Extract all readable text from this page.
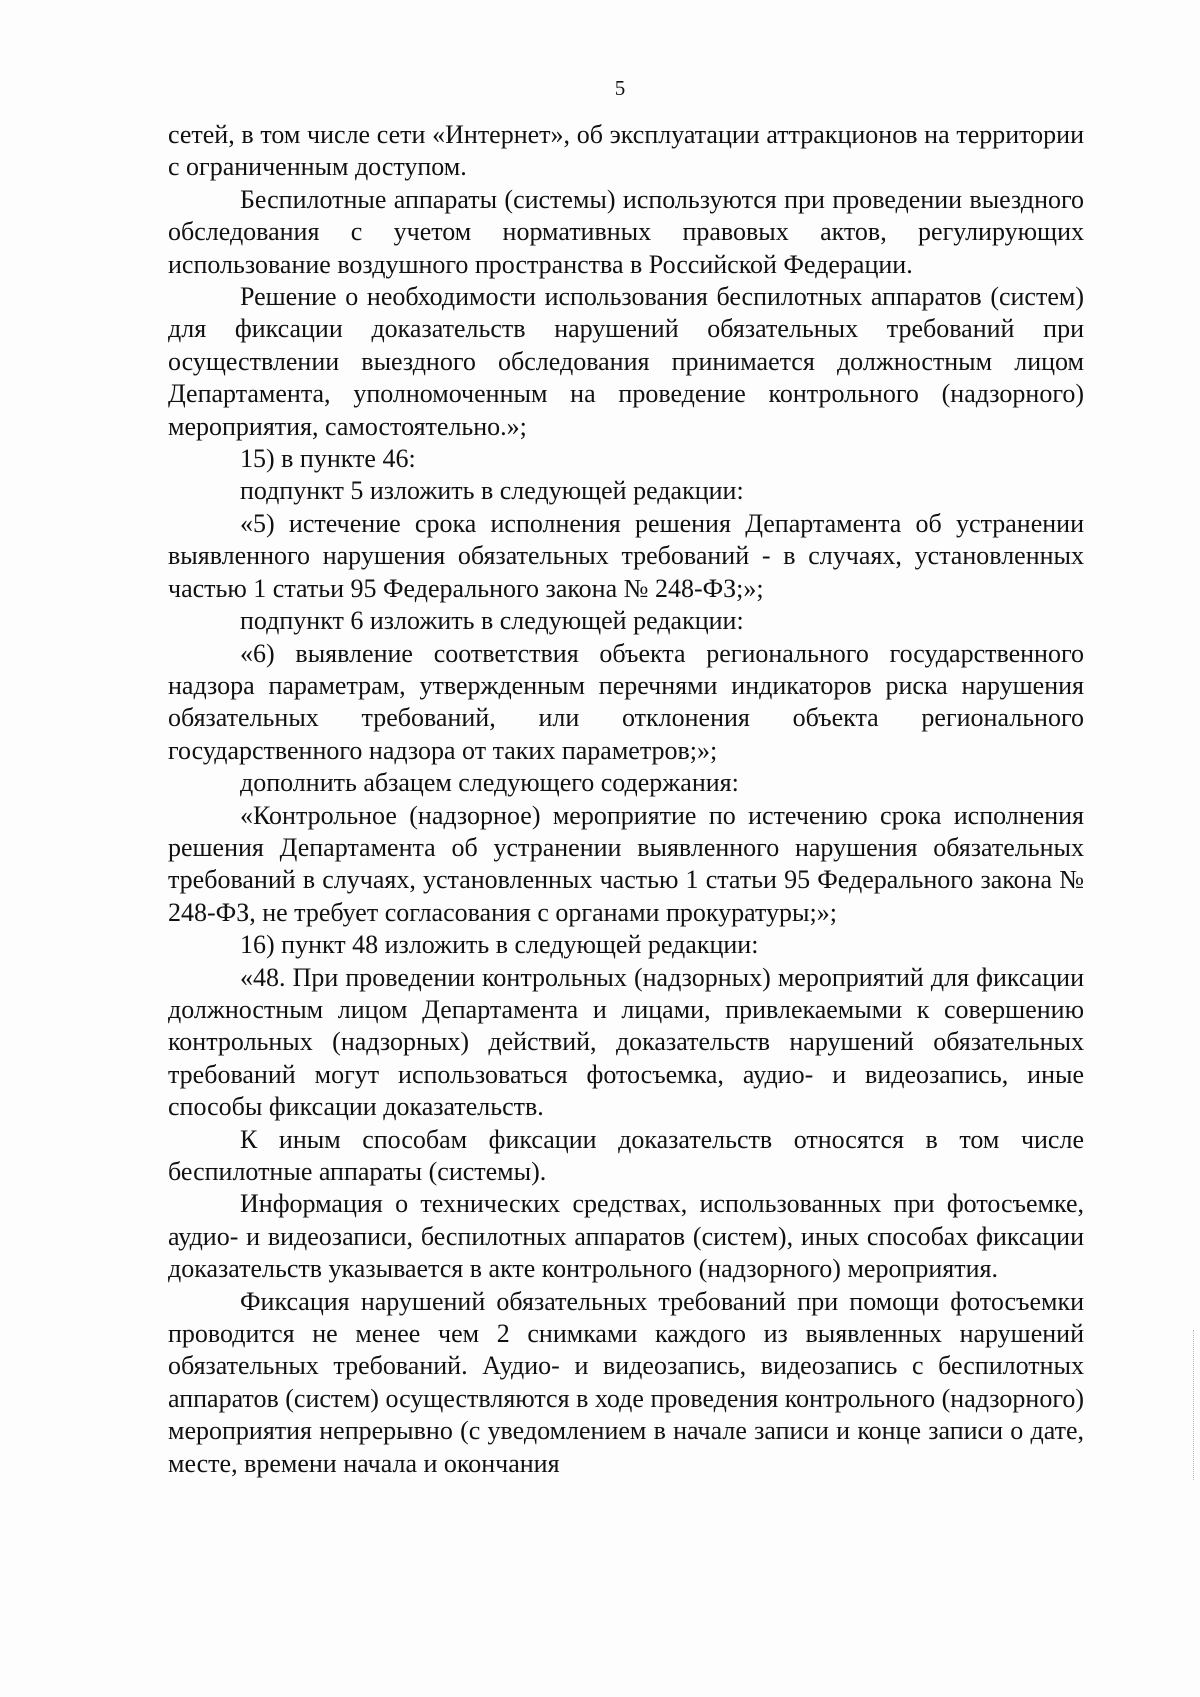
5

сетей, в том числе сети «Интернет», об эксплуатации аттракционов на территории с ограниченным доступом.

Беспилотные аппараты (системы) используются при проведении выездного обследования с учетом нормативных правовых актов, регулирующих использование воздушного пространства в Российской Федерации.

Решение о необходимости использования беспилотных аппаратов (систем) для фиксации доказательств нарушений обязательных требований при осуществлении выездного обследования принимается должностным лицом Департамента, уполномоченным на проведение контрольного (надзорного) мероприятия, самостоятельно.»;

15) в пункте 46:

подпункт 5 изложить в следующей редакции:

«5) истечение срока исполнения решения Департамента об устранении выявленного нарушения обязательных требований - в случаях, установленных частью 1 статьи 95 Федерального закона № 248-ФЗ;»;

подпункт 6 изложить в следующей редакции:

«6) выявление соответствия объекта регионального государственного надзора параметрам, утвержденным перечнями индикаторов риска нарушения обязательных требований, или отклонения объекта регионального государственного надзора от таких параметров;»;

дополнить абзацем следующего содержания:

«Контрольное (надзорное) мероприятие по истечению срока исполнения решения Департамента об устранении выявленного нарушения обязательных требований в случаях, установленных частью 1 статьи 95 Федерального закона № 248-ФЗ, не требует согласования с органами прокуратуры;»;

16) пункт 48 изложить в следующей редакции:

«48. При проведении контрольных (надзорных) мероприятий для фиксации должностным лицом Департамента и лицами, привлекаемыми к совершению контрольных (надзорных) действий, доказательств нарушений обязательных требований могут использоваться фотосъемка, аудио- и видеозапись, иные способы фиксации доказательств.

К иным способам фиксации доказательств относятся в том числе беспилотные аппараты (системы).

Информация о технических средствах, использованных при фотосъемке, аудио- и видеозаписи, беспилотных аппаратов (систем), иных способах фиксации доказательств указывается в акте контрольного (надзорного) мероприятия.

Фиксация нарушений обязательных требований при помощи фотосъемки проводится не менее чем 2 снимками каждого из выявленных нарушений обязательных требований. Аудио- и видеозапись, видеозапись с беспилотных аппаратов (систем) осуществляются в ходе проведения контрольного (надзорного) мероприятия непрерывно (с уведомлением в начале записи и конце записи о дате, месте, времени начала и окончания
